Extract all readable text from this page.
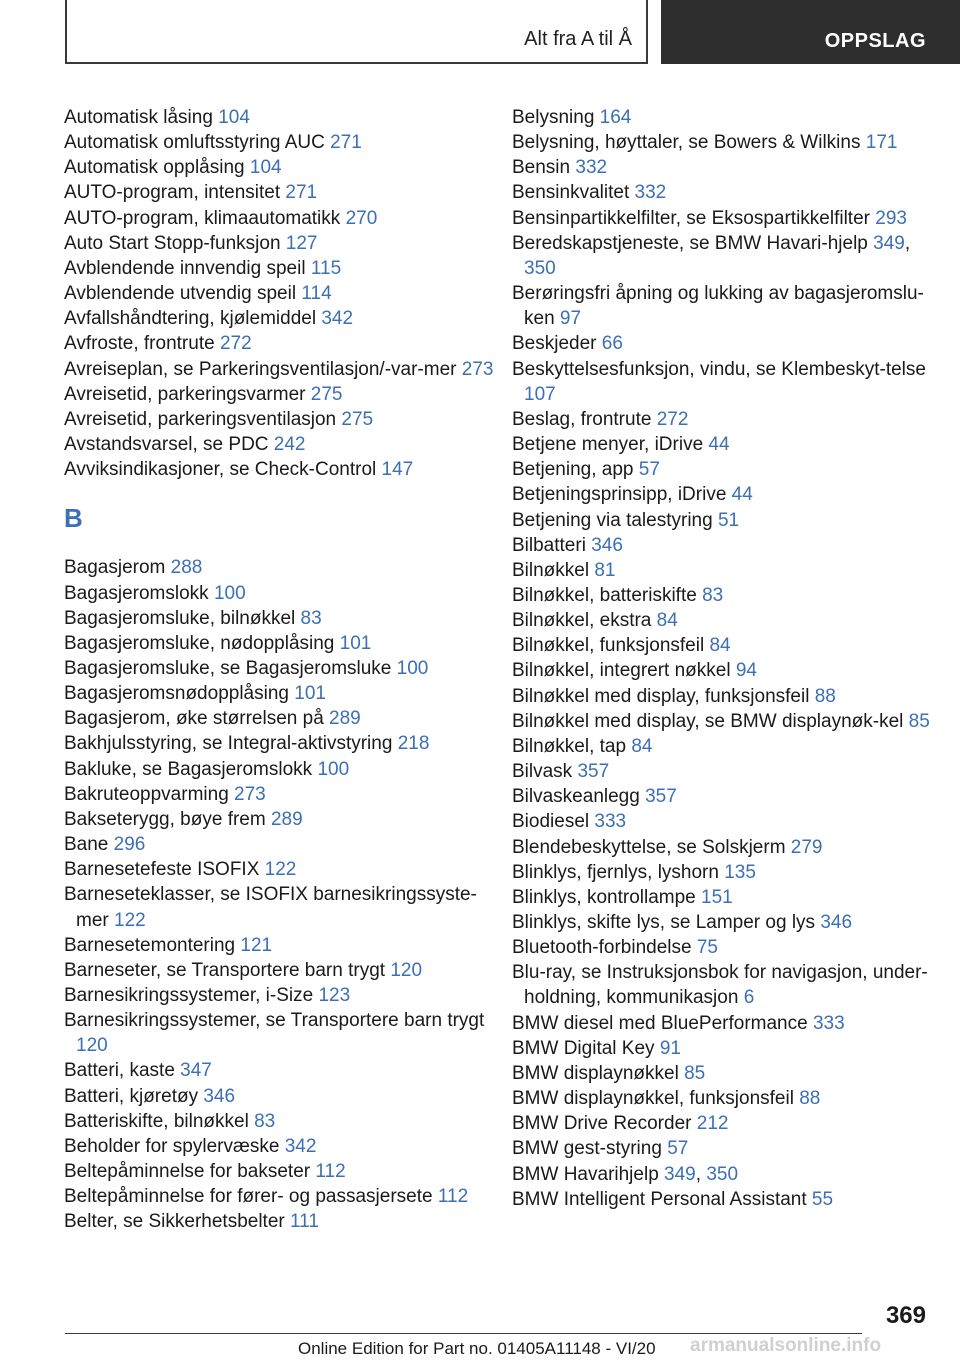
Alt fra A til Å	OPPSLAG
Automatisk låsing 104
Automatisk omluftsstyring AUC 271
Automatisk opplåsing 104
AUTO-program, intensitet 271
AUTO-program, klimaautomatikk 270
Auto Start Stopp-funksjon 127
Avblendende innvendig speil 115
Avblendende utvendig speil 114
Avfallshåndtering, kjølemiddel 342
Avfroste, frontrute 272
Avreiseplan, se Parkeringsventilasjon/-var-mer 273
Avreisetid, parkeringsvarmer 275
Avreisetid, parkeringsventilasjon 275
Avstandsvarsel, se PDC 242
Avviksindikasjoner, se Check-Control 147
B
Bagasjerom 288
Bagasjeromslokk 100
Bagasjeromsluke, bilnøkkel 83
Bagasjeromsluke, nødopplåsing 101
Bagasjeromsluke, se Bagasjeromsluke 100
Bagasjeromsnødopplåsing 101
Bagasjerom, øke størrelsen på 289
Bakhjulsstyring, se Integral-aktivstyring 218
Bakluke, se Bagasjeromslokk 100
Bakruteoppvarming 273
Bakseterygg, bøye frem 289
Bane 296
Barnesetefeste ISOFIX 122
Barneseteklasser, se ISOFIX barnesikringssyste-mer 122
Barnesetemontering 121
Barneseter, se Transportere barn trygt 120
Barnesikringssystemer, i-Size 123
Barnesikringssystemer, se Transportere barn trygt 120
Batteri, kaste 347
Batteri, kjøretøy 346
Batteriskifte, bilnøkkel 83
Beholder for spylervæske 342
Beltepåminnelse for bakseter 112
Beltepåminnelse for fører- og passasjersete 112
Belter, se Sikkerhetsbelter 111
Belysning 164
Belysning, høyttaler, se Bowers & Wilkins 171
Bensin 332
Bensinkvalitet 332
Bensinpartikkelfilter, se Eksospartikkelfilter 293
Beredskapstjeneste, se BMW Havari-hjelp 349, 350
Berøringsfri åpning og lukking av bagasjeromslu-ken 97
Beskjeder 66
Beskyttelsesfunksjon, vindu, se Klembeskyt-telse 107
Beslag, frontrute 272
Betjene menyer, iDrive 44
Betjening, app 57
Betjeningsprinsipp, iDrive 44
Betjening via talestyring 51
Bilbatteri 346
Bilnøkkel 81
Bilnøkkel, batteriskifte 83
Bilnøkkel, ekstra 84
Bilnøkkel, funksjonsfeil 84
Bilnøkkel, integrert nøkkel 94
Bilnøkkel med display, funksjonsfeil 88
Bilnøkkel med display, se BMW displaynøk-kel 85
Bilnøkkel, tap 84
Bilvask 357
Bilvaskeanlegg 357
Biodiesel 333
Blendebeskyttelse, se Solskjerm 279
Blinklys, fjernlys, lyshorn 135
Blinklys, kontrollampe 151
Blinklys, skifte lys, se Lamper og lys 346
Bluetooth-forbindelse 75
Blu-ray, se Instruksjonsbok for navigasjon, under-holdning, kommunikasjon 6
BMW diesel med BluePerformance 333
BMW Digital Key 91
BMW displaynøkkel 85
BMW displaynøkkel, funksjonsfeil 88
BMW Drive Recorder 212
BMW gest-styring 57
BMW Havarihjelp 349, 350
BMW Intelligent Personal Assistant 55
369
Online Edition for Part no. 01405A11148 - VI/20 armanualsonline.info
